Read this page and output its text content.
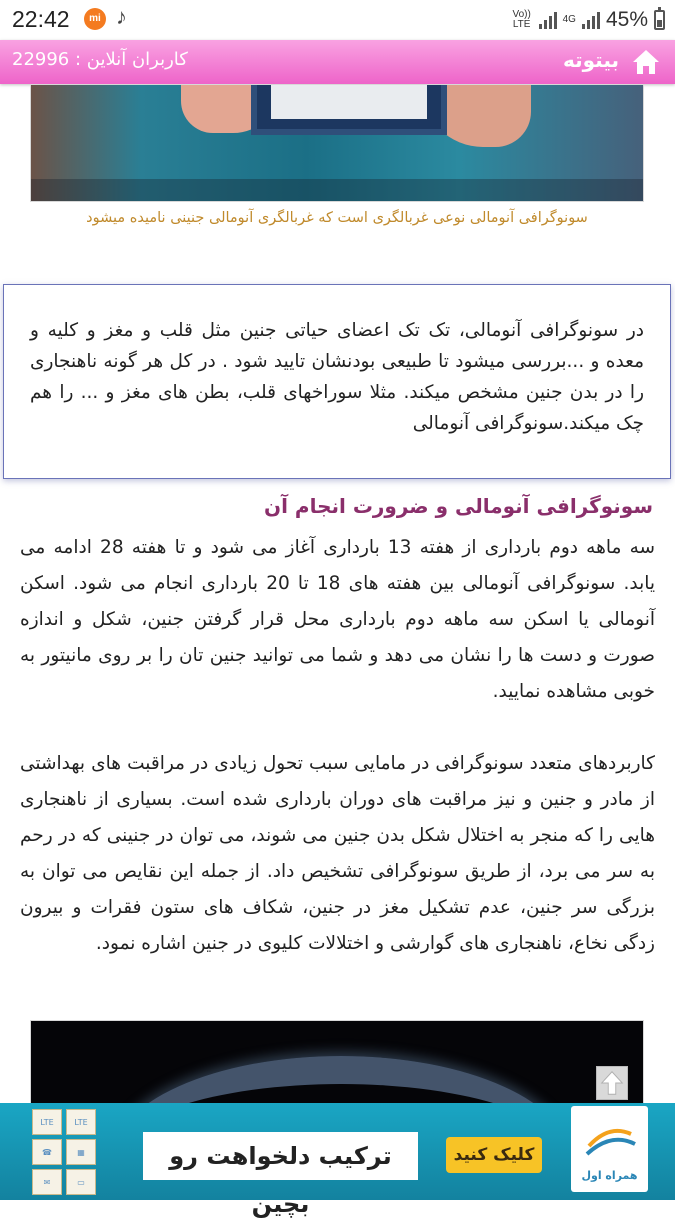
22:42	mi ♪	Vo)) LTE	4G 45%
کاربران آنلاین : 22996	بیتوته
سونوگرافی آنومالی نوعی غربالگری است که غربالگری آنومالی جنینی نامیده میشود
در سونوگرافی آنومالی، تک تک اعضای حیاتی جنین مثل قلب و مغز و کلیه و معده و ...بررسی میشود تا طبیعی بودنشان تایید شود . در کل هر گونه ناهنجاری را در بدن جنین مشخص میکند. مثلا سوراخهای قلب، بطن های مغز و ... را هم چک میکند.سونوگرافی آنومالی
سونوگرافی آنومالی و ضرورت انجام آن
سه ماهه دوم بارداری از هفته 13 بارداری آغاز می شود و تا هفته 28 ادامه می یابد. سونوگرافی آنومالی بین هفته های 18 تا 20 بارداری انجام می شود. اسکن آنومالی یا اسکن سه ماهه دوم بارداری محل قرار گرفتن جنین، شکل و اندازه صورت و دست ها را نشان می دهد و شما می توانید جنین تان را بر روی مانیتور به خوبی مشاهده نمایید.
کاربردهای متعدد سونوگرافی در مامایی سبب تحول زیادی در مراقبت های بهداشتی از مادر و جنین و نیز مراقبت های دوران بارداری شده است. بسیاری از ناهنجاری هایی را که منجر به اختلال شکل بدن جنین می شوند، می توان در جنینی که در رحم به سر می برد، از طریق سونوگرافی تشخیص داد. از جمله این نقایص می توان به بزرگی سر جنین، عدم تشکیل مغز در جنین، شکاف های ستون فقرات و بیرون زدگی نخاع، ناهنجاری های گوارشی و اختلالات کلیوی در جنین اشاره نمود.
LTE	LTE
☎	▦
✉	▭
ترکیب دلخواهت رو بچین
کلیک کنید
همراه اول
